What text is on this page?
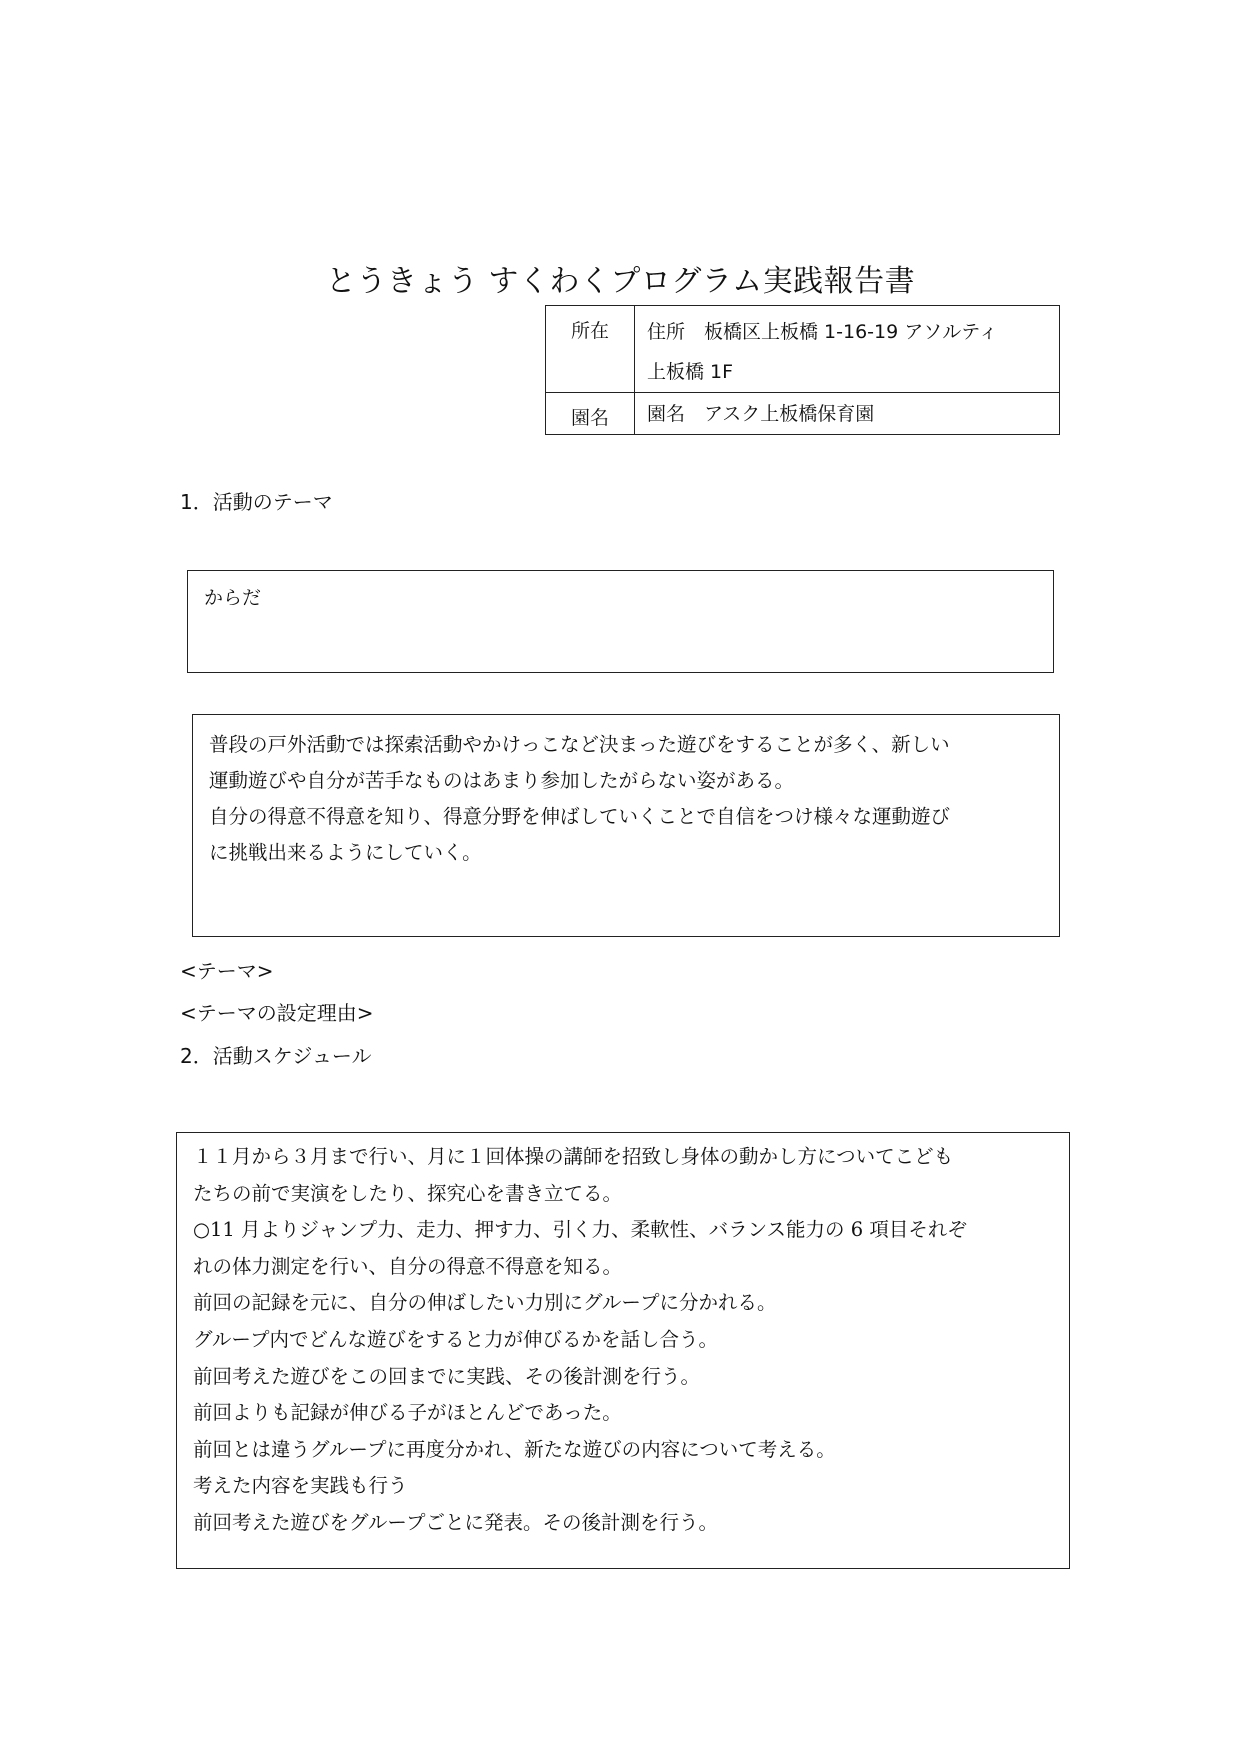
とうきょう すくわくプログラム実践報告書
所在	住所　板橋区上板橋 1-16-19 アソルティ
上板橋 1F

園名	園名　アスク上板橋保育園
1．活動のテーマ
からだ
普段の戸外活動では探索活動やかけっこなど決まった遊びをすることが多く、新しい
運動遊びや自分が苦手なものはあまり参加したがらない姿がある。
自分の得意不得意を知り、得意分野を伸ばしていくことで自信をつけ様々な運動遊び
に挑戦出来るようにしていく。
<テーマ>
<テーマの設定理由>
2．活動スケジュール
１１月から３月まで行い、月に１回体操の講師を招致し身体の動かし方についてこども
たちの前で実演をしたり、探究心を書き立てる。
○11 月よりジャンプ力、走力、押す力、引く力、柔軟性、バランス能力の 6 項目それぞ
れの体力測定を行い、自分の得意不得意を知る。
前回の記録を元に、自分の伸ばしたい力別にグループに分かれる。
グループ内でどんな遊びをすると力が伸びるかを話し合う。
前回考えた遊びをこの回までに実践、その後計測を行う。
前回よりも記録が伸びる子がほとんどであった。
前回とは違うグループに再度分かれ、新たな遊びの内容について考える。
考えた内容を実践も行う
前回考えた遊びをグループごとに発表。その後計測を行う。
